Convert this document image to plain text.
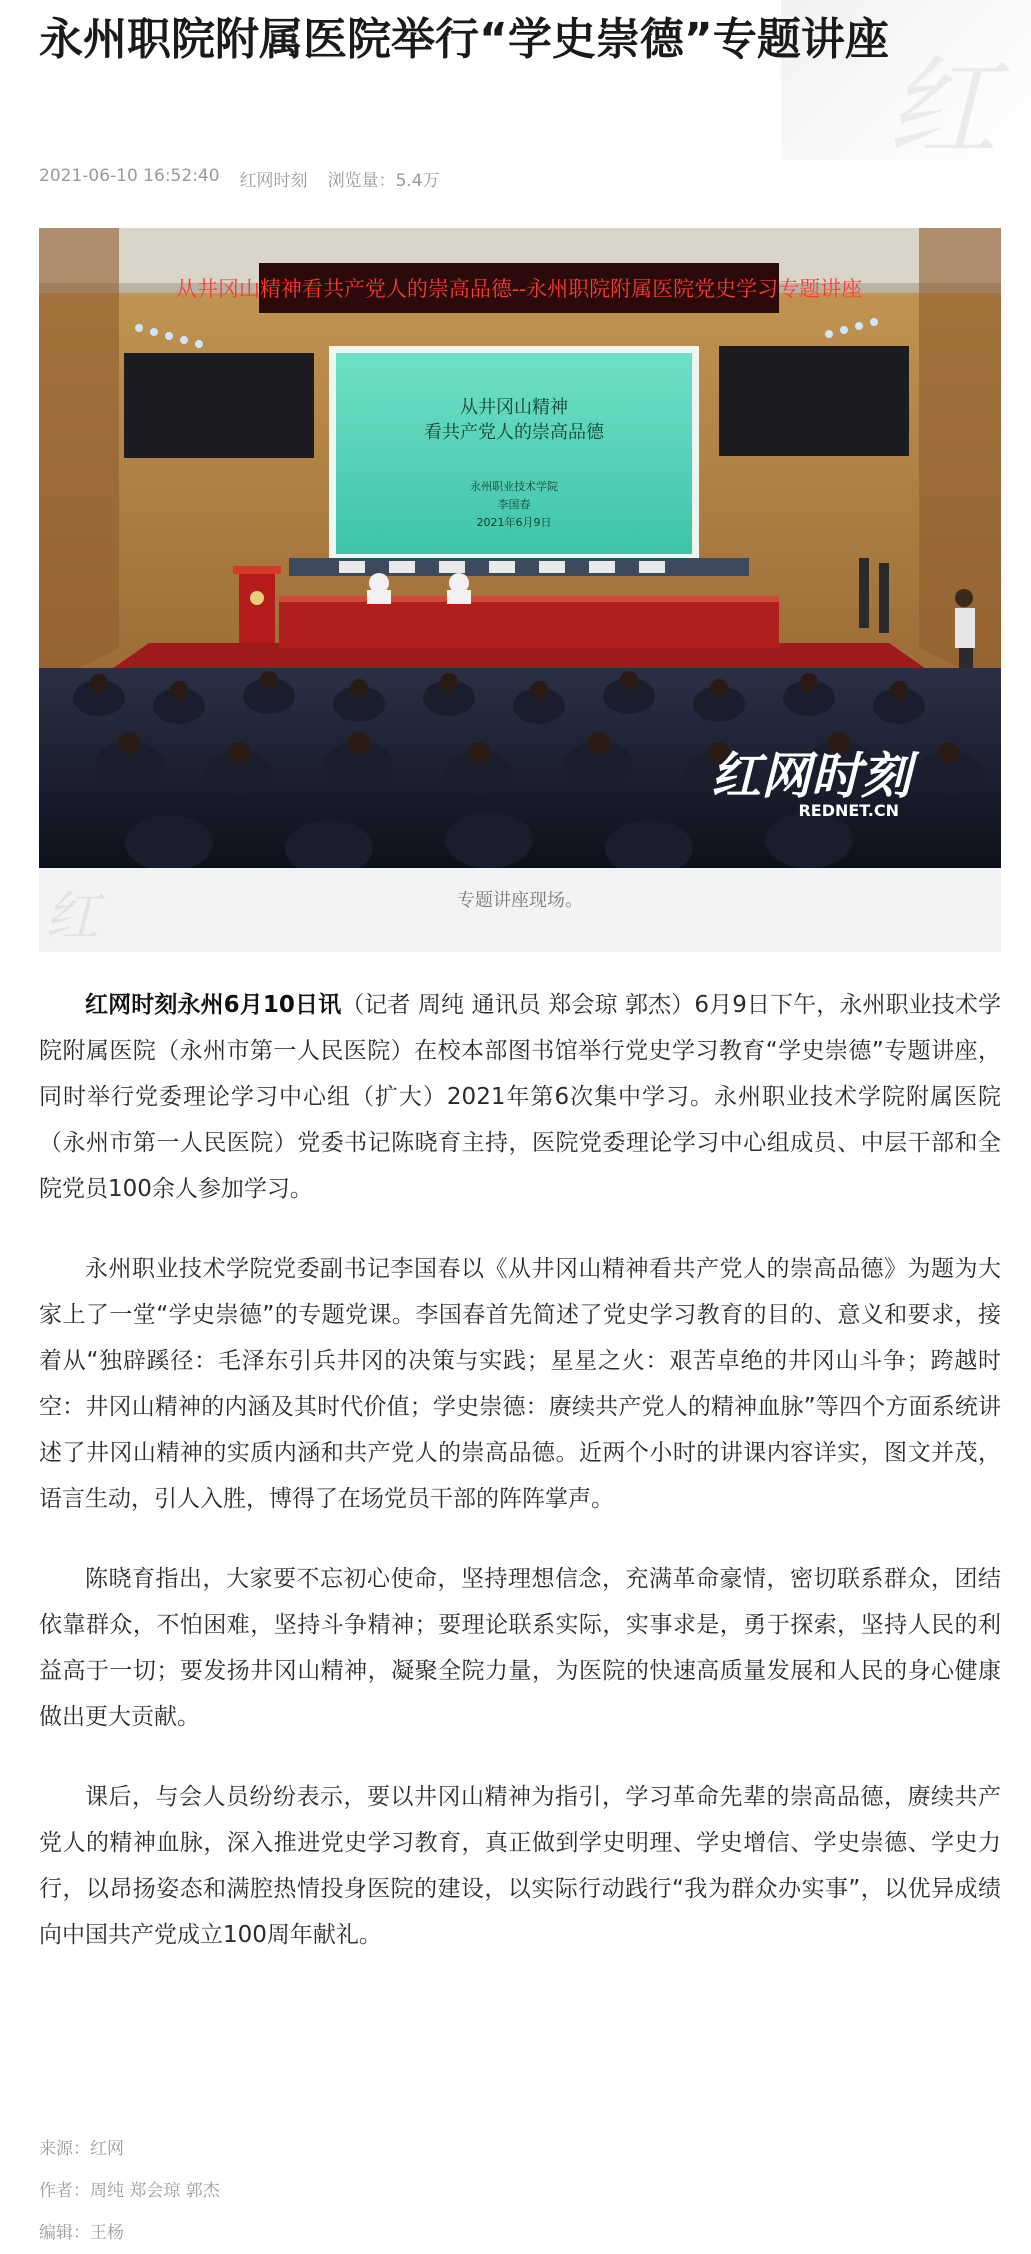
红
永州职院附属医院举行“学史崇德”专题讲座
2021-06-10 16:52:40 红网时刻 浏览量：5.4万
从井冈山精神看共产党人的崇高品德--永州职院附属医院党史学习专题讲座
从井冈山精神
看共产党人的崇高品德
永州职业技术学院
李国春
2021年6月9日
红网时刻
REDNET.CN
红	专题讲座现场。

红网时刻永州6月10日讯（记者 周纯 通讯员 郑会琼 郭杰）6月9日下午，永州职业技术学院附属医院（永州市第一人民医院）在校本部图书馆举行党史学习教育“学史崇德”专题讲座，同时举行党委理论学习中心组（扩大）2021年第6次集中学习。永州职业技术学院附属医院（永州市第一人民医院）党委书记陈晓育主持，医院党委理论学习中心组成员、中层干部和全院党员100余人参加学习。

永州职业技术学院党委副书记李国春以《从井冈山精神看共产党人的崇高品德》为题为大家上了一堂“学史崇德”的专题党课。李国春首先简述了党史学习教育的目的、意义和要求，接着从“独辟蹊径：毛泽东引兵井冈的决策与实践；星星之火：艰苦卓绝的井冈山斗争；跨越时空：井冈山精神的内涵及其时代价值；学史崇德：赓续共产党人的精神血脉”等四个方面系统讲述了井冈山精神的实质内涵和共产党人的崇高品德。近两个小时的讲课内容详实，图文并茂，语言生动，引人入胜，博得了在场党员干部的阵阵掌声。

陈晓育指出，大家要不忘初心使命，坚持理想信念，充满革命豪情，密切联系群众，团结依靠群众，不怕困难，坚持斗争精神；要理论联系实际，实事求是，勇于探索，坚持人民的利益高于一切；要发扬井冈山精神，凝聚全院力量，为医院的快速高质量发展和人民的身心健康做出更大贡献。

课后，与会人员纷纷表示，要以井冈山精神为指引，学习革命先辈的崇高品德，赓续共产党人的精神血脉，深入推进党史学习教育，真正做到学史明理、学史增信、学史崇德、学史力行，以昂扬姿态和满腔热情投身医院的建设，以实际行动践行“我为群众办实事”，以优异成绩向中国共产党成立100周年献礼。

来源：红网
作者：周纯 郑会琼 郭杰
编辑：王杨
